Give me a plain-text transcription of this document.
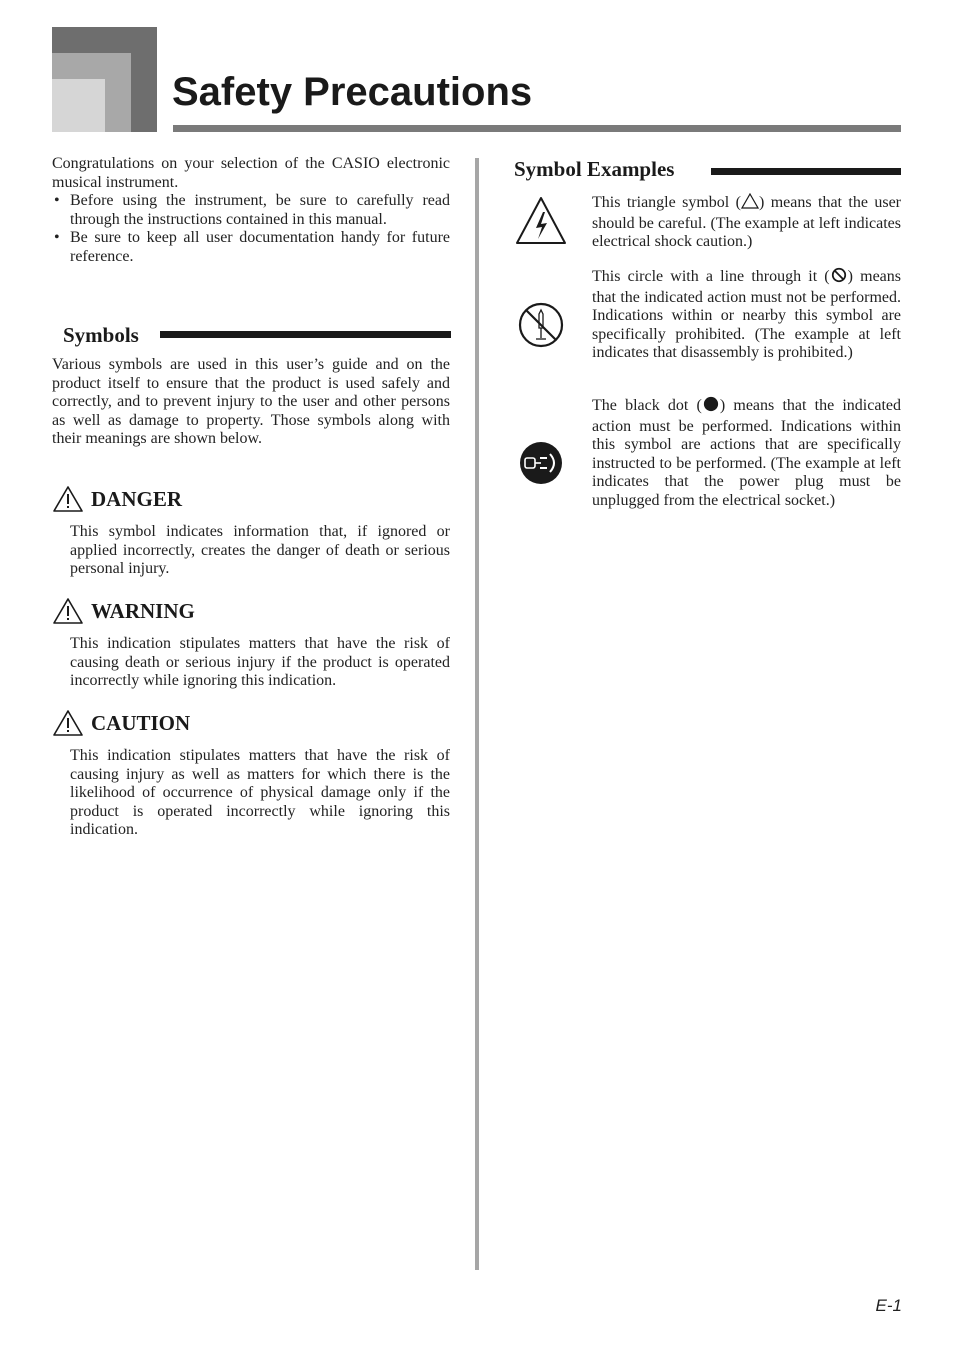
Safety Precautions

Congratulations on your selection of the CASIO electronic musical instrument.

• Before using the instrument, be sure to carefully read through the instructions contained in this manual.
• Be sure to keep all user documentation handy for future reference.
Symbols

Various symbols are used in this user’s guide and on the product itself to ensure that the product is used safely and correctly, and to prevent injury to the user and other persons as well as damage to property. Those symbols along with their meanings are shown below.

DANGER

This symbol indicates information that, if ignored or applied incorrectly, creates the danger of death or serious personal injury.

WARNING

This indication stipulates matters that have the risk of causing death or serious injury if the product is operated incorrectly while ignoring this indication.

CAUTION

This indication stipulates matters that have the risk of causing injury as well as matters for which there is the likelihood of occurrence of physical damage only if the product is operated incorrectly while ignoring this indication.

Symbol Examples

This triangle symbol ( ) means that the user should be careful. (The example at left indicates electrical shock caution.)

This circle with a line through it ( ) means that the indicated action must not be performed. Indications within or nearby this symbol are specifically prohibited. (The example at left indicates that disassembly is prohibited.)

The black dot ( ) means that the indicated action must be performed. Indications within this symbol are actions that are specifically instructed to be performed. (The example at left indicates that the power plug must be unplugged from the electrical socket.)

E-1
